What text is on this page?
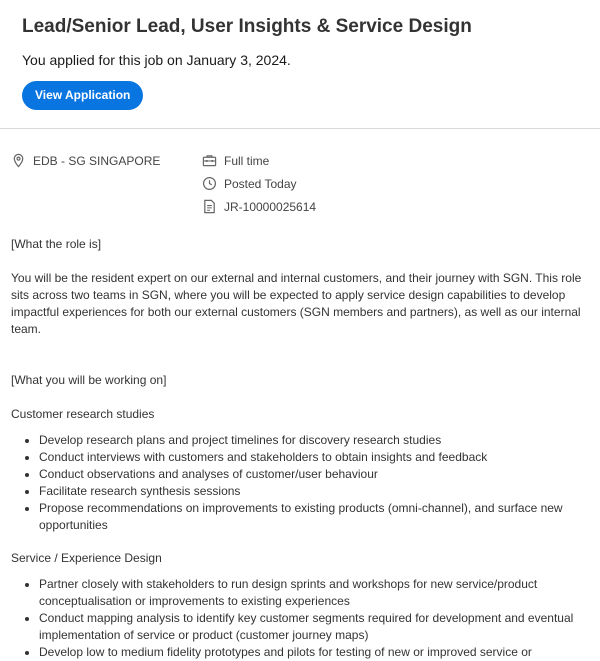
Lead/Senior Lead, User Insights & Service Design
You applied for this job on January 3, 2024.
View Application
EDB - SG SINGAPORE	Full time
Posted Today
JR-10000025614

[What the role is]

You will be the resident expert on our external and internal customers, and their journey with SGN. This role sits across two teams in SGN, where you will be expected to apply service design capabilities to develop impactful experiences for both our external customers (SGN members and partners), as well as our internal team.

[What you will be working on]

Customer research studies

• Develop research plans and project timelines for discovery research studies
• Conduct interviews with customers and stakeholders to obtain insights and feedback
• Conduct observations and analyses of customer/user behaviour
• Facilitate research synthesis sessions
• Propose recommendations on improvements to existing products (omni-channel), and surface new opportunities

Service / Experience Design

• Partner closely with stakeholders to run design sprints and workshops for new service/product conceptualisation or improvements to existing experiences
• Conduct mapping analysis to identify key customer segments required for development and eventual implementation of service or product (customer journey maps)
• Develop low to medium fidelity prototypes and pilots for testing of new or improved service or
